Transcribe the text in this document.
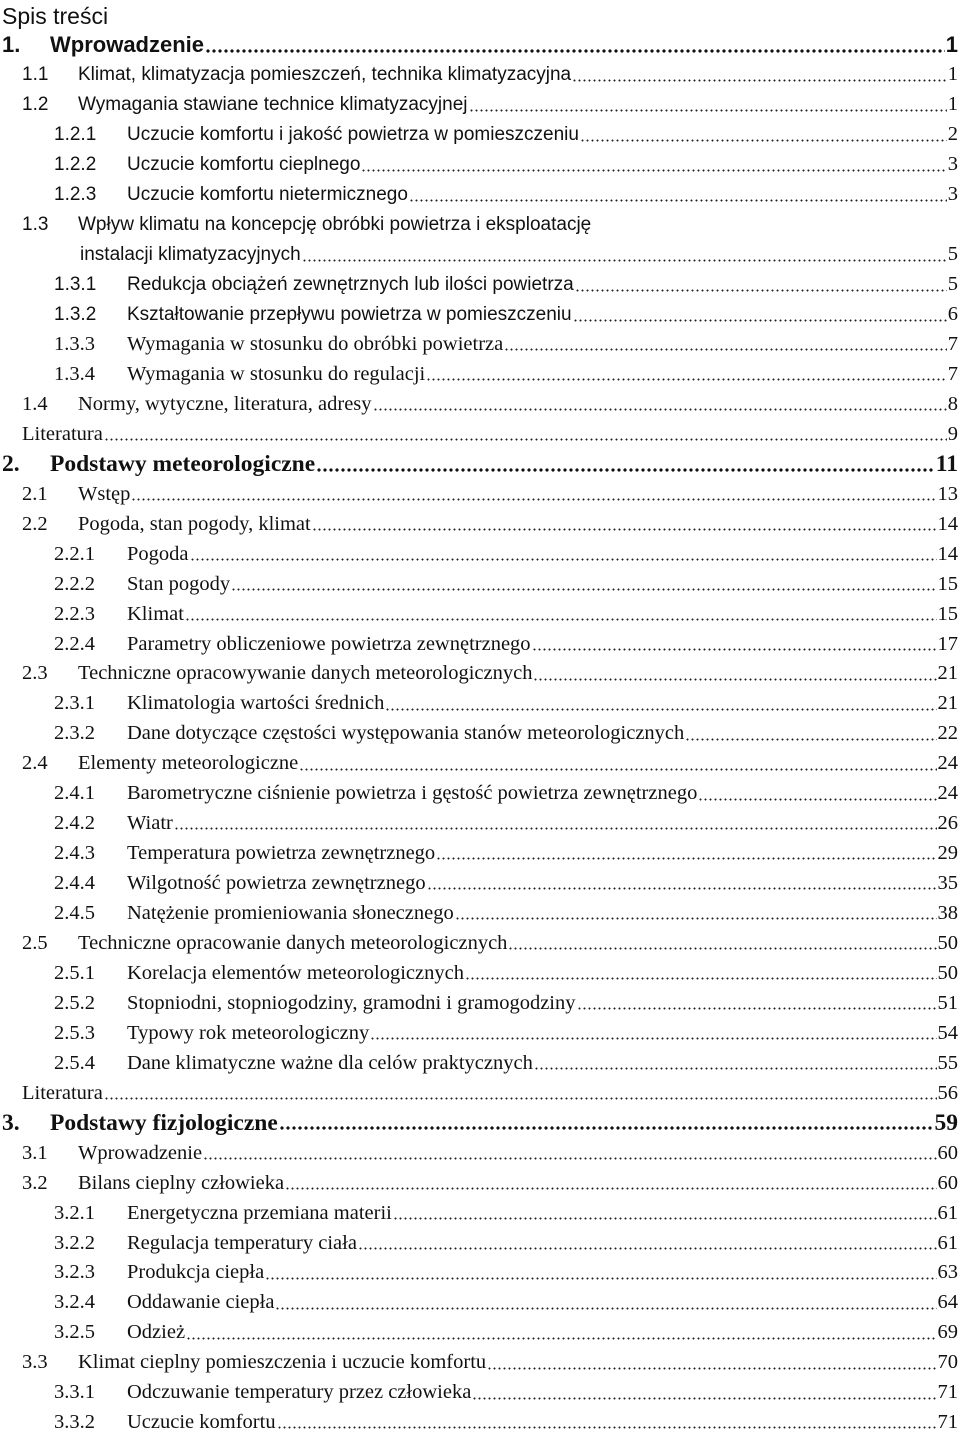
Spis treści
1.	Wprowadzenie	1
1.1	Klimat, klimatyzacja pomieszczeń, technika klimatyzacyjna	1
1.2	Wymagania stawiane technice klimatyzacyjnej	1
1.2.1	Uczucie komfortu i jakość powietrza w pomieszczeniu	2
1.2.2	Uczucie komfortu cieplnego	3
1.2.3	Uczucie komfortu nietermicznego	3
1.3	Wpływ klimatu na koncepcję obróbki powietrza i eksploatację
instalacji klimatyzacyjnych	5
1.3.1	Redukcja obciążeń zewnętrznych lub ilości powietrza	5
1.3.2	Kształtowanie przepływu powietrza w pomieszczeniu	6
1.3.3	Wymagania w stosunku do obróbki powietrza	7
1.3.4	Wymagania w stosunku do regulacji	7
1.4	Normy, wytyczne, literatura, adresy	8
Literatura	9
2.	Podstawy meteorologiczne	11
2.1	Wstęp	13
2.2	Pogoda, stan pogody, klimat	14
2.2.1	Pogoda	14
2.2.2	Stan pogody	15
2.2.3	Klimat	15
2.2.4	Parametry obliczeniowe powietrza zewnętrznego	17
2.3	Techniczne opracowywanie danych meteorologicznych	21
2.3.1	Klimatologia wartości średnich	21
2.3.2	Dane dotyczące częstości występowania stanów meteorologicznych	22
2.4	Elementy meteorologiczne	24
2.4.1	Barometryczne ciśnienie powietrza i gęstość powietrza zewnętrznego	24
2.4.2	Wiatr	26
2.4.3	Temperatura powietrza zewnętrznego	29
2.4.4	Wilgotność powietrza zewnętrznego	35
2.4.5	Natężenie promieniowania słonecznego	38
2.5	Techniczne opracowanie danych meteorologicznych	50
2.5.1	Korelacja elementów meteorologicznych	50
2.5.2	Stopniodni, stopniogodziny, gramodni i gramogodziny	51
2.5.3	Typowy rok meteorologiczny	54
2.5.4	Dane klimatyczne ważne dla celów praktycznych	55
Literatura	56
3.	Podstawy fizjologiczne	59
3.1	Wprowadzenie	60
3.2	Bilans cieplny człowieka	60
3.2.1	Energetyczna przemiana materii	61
3.2.2	Regulacja temperatury ciała	61
3.2.3	Produkcja ciepła	63
3.2.4	Oddawanie ciepła	64
3.2.5	Odzież	69
3.3	Klimat cieplny pomieszczenia i uczucie komfortu	70
3.3.1	Odczuwanie temperatury przez człowieka	71
3.3.2	Uczucie komfortu	71
